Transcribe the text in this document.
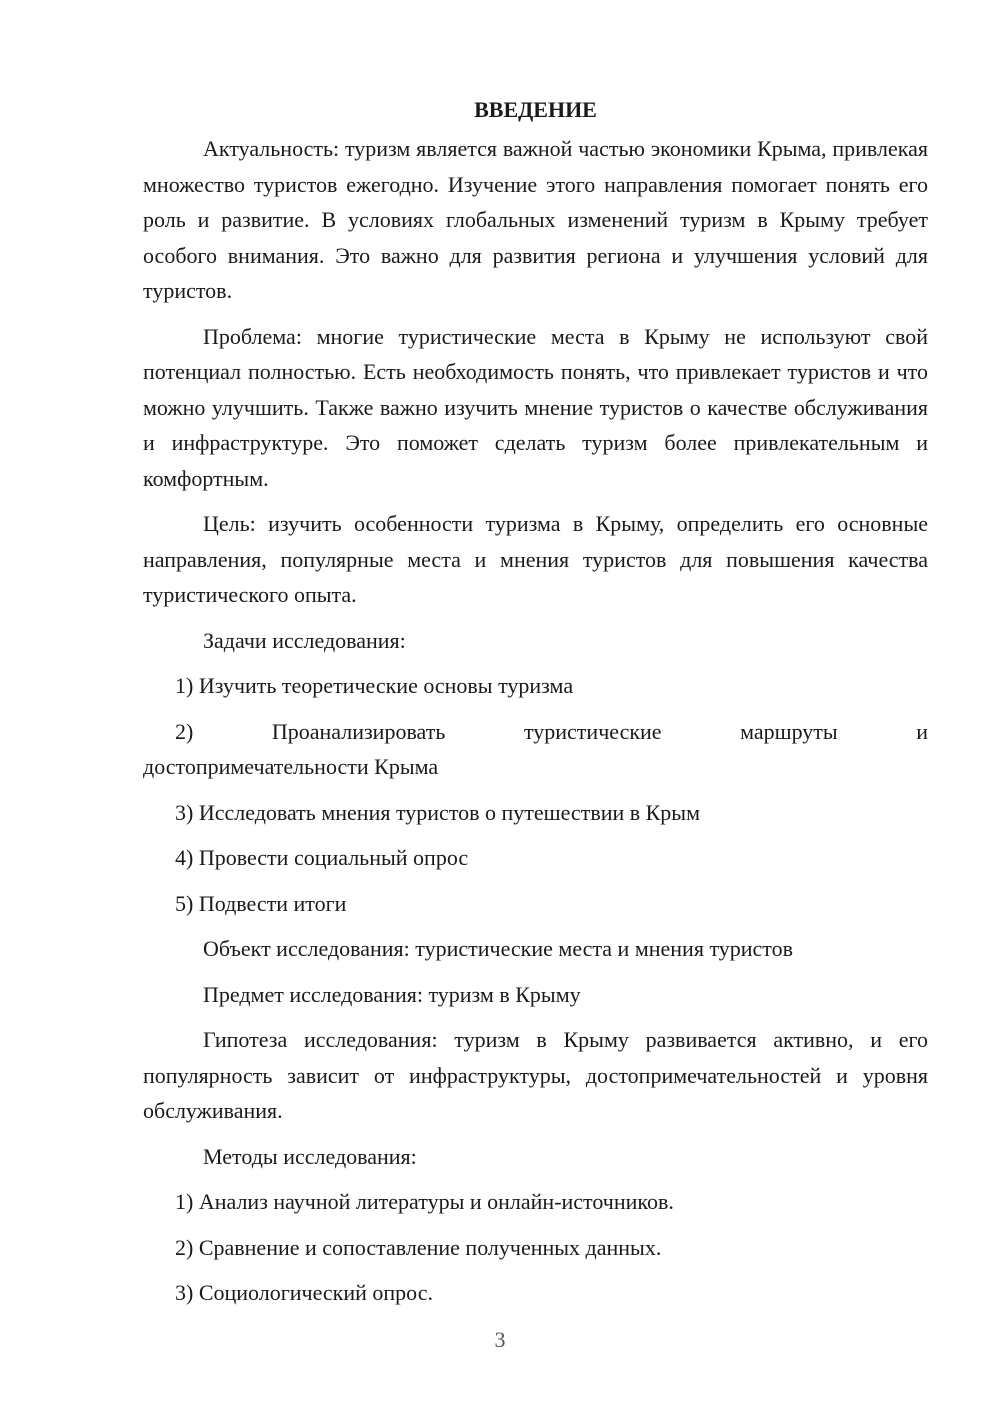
ВВЕДЕНИЕ

Актуальность: туризм является важной частью экономики Крыма, привлекая множество туристов ежегодно. Изучение этого направления помогает понять его роль и развитие. В условиях глобальных изменений туризм в Крыму требует особого внимания. Это важно для развития региона и улучшения условий для туристов.

Проблема: многие туристические места в Крыму не используют свой потенциал полностью. Есть необходимость понять, что привлекает туристов и что можно улучшить. Также важно изучить мнение туристов о качестве обслуживания и инфраструктуре. Это поможет сделать туризм более привлекательным и комфортным.

Цель: изучить особенности туризма в Крыму, определить его основные направления, популярные места и мнения туристов для повышения качества туристического опыта.

Задачи исследования:
1) Изучить теоретические основы туризма
2)	Проанализировать	туристические	маршруты	и
достопримечательности Крыма
3) Исследовать мнения туристов о путешествии в Крым
4) Провести социальный опрос
5) Подвести итоги
Объект исследования: туристические места и мнения туристов
Предмет исследования: туризм в Крыму

Гипотеза исследования: туризм в Крыму развивается активно, и его популярность зависит от инфраструктуры, достопримечательностей и уровня обслуживания.

Методы исследования:
1) Анализ научной литературы и онлайн-источников.
2) Сравнение и сопоставление полученных данных.
3) Социологический опрос.
3
